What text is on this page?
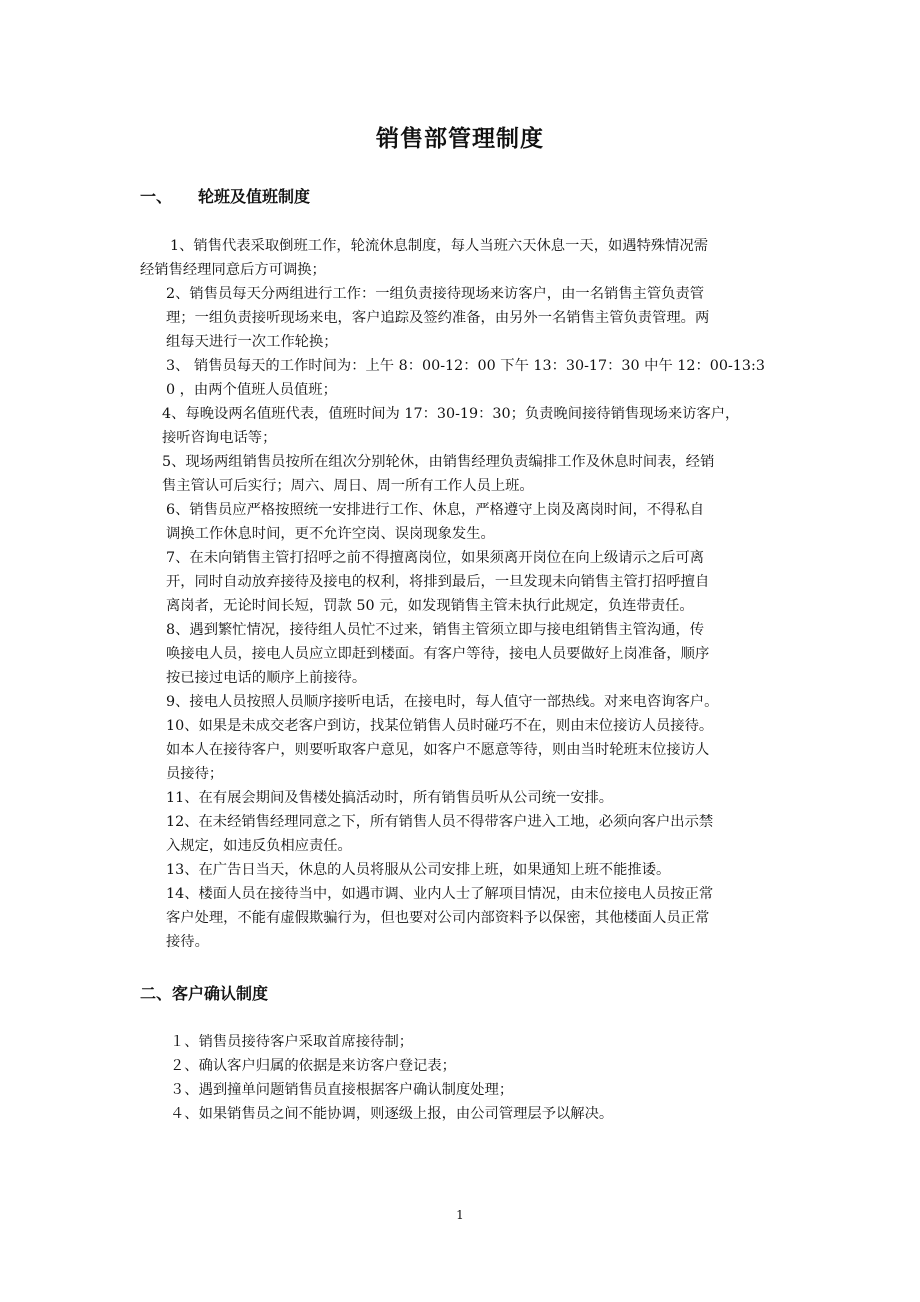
销售部管理制度
一、 轮班及值班制度
1、销售代表采取倒班工作，轮流休息制度，每人当班六天休息一天，如遇特殊情况需
经销售经理同意后方可调换；
2、销售员每天分两组进行工作：一组负责接待现场来访客户，由一名销售主管负责管
理；一组负责接听现场来电，客户追踪及签约准备，由另外一名销售主管负责管理。两
组每天进行一次工作轮换；
3、 销售员每天的工作时间为：上午 8：00-12：00 下午 13：30-17：30 中午 12：00-13:3
0 ，由两个值班人员值班；
4、每晚设两名值班代表，值班时间为 17：30-19：30；负责晚间接待销售现场来访客户，
接听咨询电话等；
5、现场两组销售员按所在组次分别轮休，由销售经理负责编排工作及休息时间表，经销
售主管认可后实行；周六、周日、周一所有工作人员上班。
6、销售员应严格按照统一安排进行工作、休息，严格遵守上岗及离岗时间，不得私自
调换工作休息时间，更不允许空岗、误岗现象发生。
7、在未向销售主管打招呼之前不得擅离岗位，如果须离开岗位在向上级请示之后可离
开，同时自动放弃接待及接电的权利，将排到最后，一旦发现未向销售主管打招呼擅自
离岗者，无论时间长短，罚款 50 元，如发现销售主管未执行此规定，负连带责任。
8、遇到繁忙情况，接待组人员忙不过来，销售主管须立即与接电组销售主管沟通，传
唤接电人员，接电人员应立即赶到楼面。有客户等待，接电人员要做好上岗准备，顺序
按已接过电话的顺序上前接待。
9、接电人员按照人员顺序接听电话，在接电时，每人值守一部热线。对来电咨询客户。
10、如果是未成交老客户到访，找某位销售人员时碰巧不在，则由末位接访人员接待。
如本人在接待客户，则要听取客户意见，如客户不愿意等待，则由当时轮班末位接访人
员接待；
11、在有展会期间及售楼处搞活动时，所有销售员听从公司统一安排。
12、在未经销售经理同意之下，所有销售人员不得带客户进入工地，必须向客户出示禁
入规定，如违反负相应责任。
13、在广告日当天，休息的人员将服从公司安排上班，如果通知上班不能推诿。
14、楼面人员在接待当中，如遇市调、业内人士了解项目情况，由末位接电人员按正常
客户处理，不能有虚假欺骗行为，但也要对公司内部资料予以保密，其他楼面人员正常
接待。
二、客户确认制度
１、销售员接待客户采取首席接待制；
２、确认客户归属的依据是来访客户登记表；
３、遇到撞单问题销售员直接根据客户确认制度处理；
４、如果销售员之间不能协调，则逐级上报，由公司管理层予以解决。
1
